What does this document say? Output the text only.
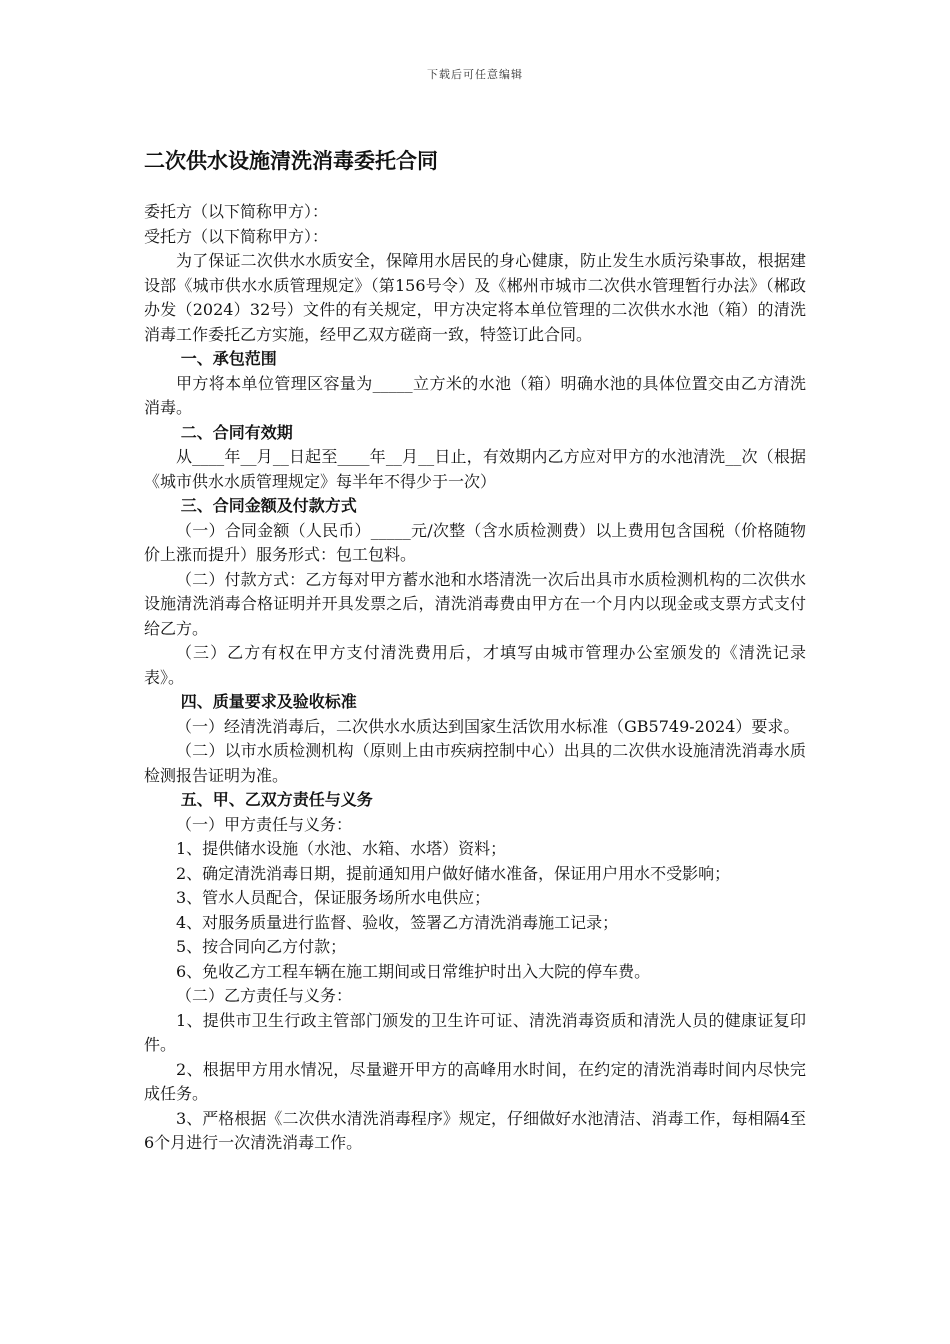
下载后可任意编辑
二次供水设施清洗消毒委托合同

委托方（以下简称甲方）：

受托方（以下简称甲方）：

为了保证二次供水水质安全，保障用水居民的身心健康，防止发生水质污染事故，根据建设部《城市供水水质管理规定》（第156号令）及《郴州市城市二次供水管理暂行办法》（郴政办发（2024）32号）文件的有关规定，甲方决定将本单位管理的二次供水水池（箱）的清洗消毒工作委托乙方实施，经甲乙双方磋商一致，特签订此合同。

一、承包范围

甲方将本单位管理区容量为_____立方米的水池（箱）明确水池的具体位置交由乙方清洗消毒。

二、合同有效期

从____年__月__日起至____年__月__日止，有效期内乙方应对甲方的水池清洗__次（根据《城市供水水质管理规定》每半年不得少于一次）

三、合同金额及付款方式

（一）合同金额（人民币）_____元/次整（含水质检测费）以上费用包含国税（价格随物价上涨而提升）服务形式：包工包料。

（二）付款方式：乙方每对甲方蓄水池和水塔清洗一次后出具市水质检测机构的二次供水设施清洗消毒合格证明并开具发票之后，清洗消毒费由甲方在一个月内以现金或支票方式支付给乙方。

（三）乙方有权在甲方支付清洗费用后，才填写由城市管理办公室颁发的《清洗记录表》。

四、质量要求及验收标准

（一）经清洗消毒后，二次供水水质达到国家生活饮用水标准（GB5749-2024）要求。

（二）以市水质检测机构（原则上由市疾病控制中心）出具的二次供水设施清洗消毒水质检测报告证明为准。

五、甲、乙双方责任与义务

（一）甲方责任与义务：

1、提供储水设施（水池、水箱、水塔）资料；

2、确定清洗消毒日期，提前通知用户做好储水准备，保证用户用水不受影响；

3、管水人员配合，保证服务场所水电供应；

4、对服务质量进行监督、验收，签署乙方清洗消毒施工记录；

5、按合同向乙方付款；

6、免收乙方工程车辆在施工期间或日常维护时出入大院的停车费。

（二）乙方责任与义务：

1、提供市卫生行政主管部门颁发的卫生许可证、清洗消毒资质和清洗人员的健康证复印件。

2、根据甲方用水情况，尽量避开甲方的高峰用水时间，在约定的清洗消毒时间内尽快完成任务。

3、严格根据《二次供水清洗消毒程序》规定，仔细做好水池清洁、消毒工作，每相隔4至6个月进行一次清洗消毒工作。
